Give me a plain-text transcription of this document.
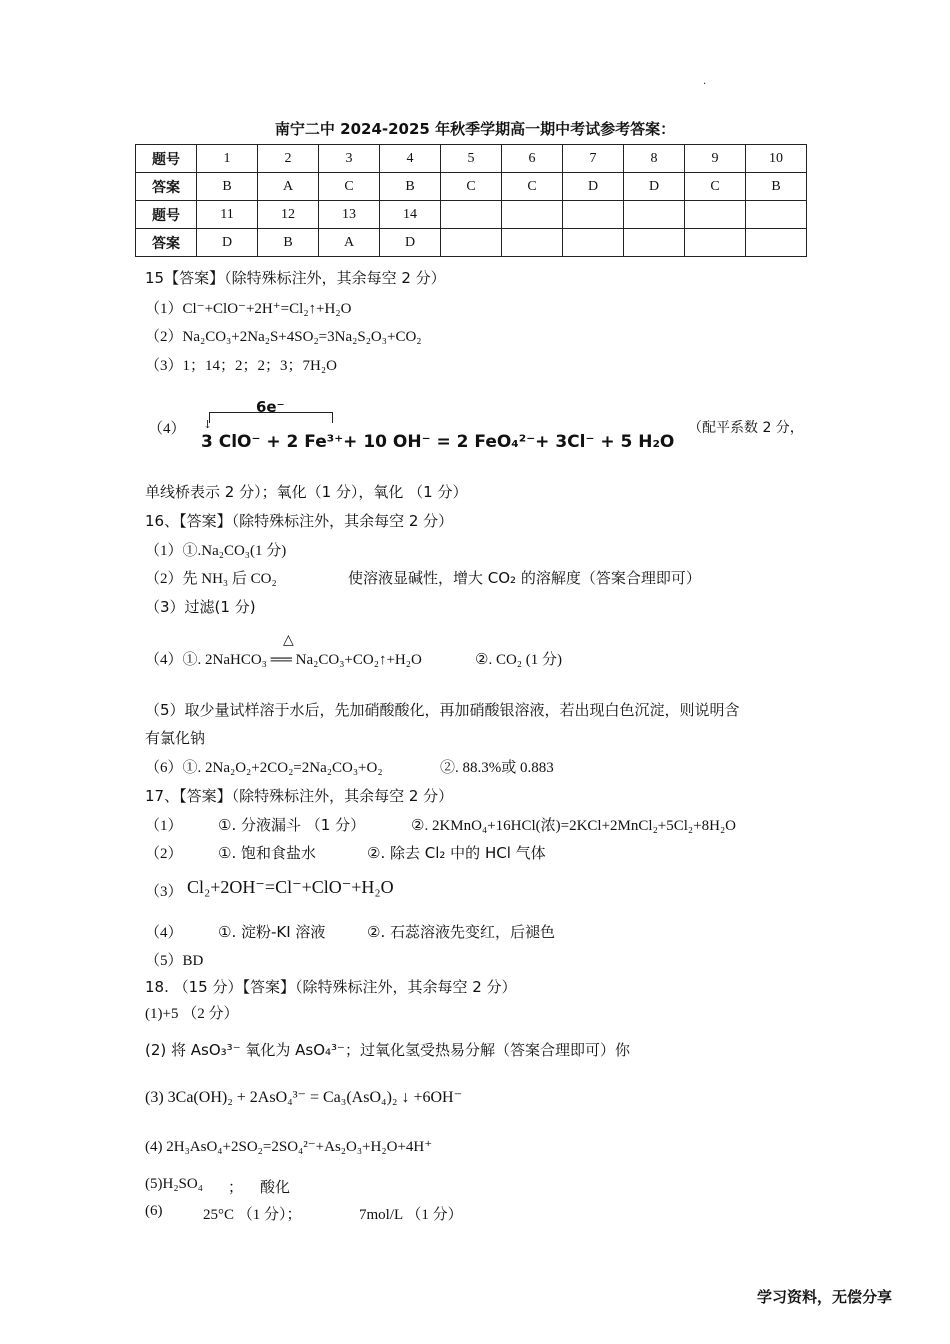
.
南宁二中 2024-2025 年秋季学期高一期中考试参考答案：
题号	1	2	3	4	5	6	7	8	9	10
答案	B	A	C	B	C	C	D	D	C	B
题号	11	12	13	14						
答案	D	B	A	D						
15【答案】（除特殊标注外，其余每空 2 分）
（1）Cl⁻+ClO⁻+2H⁺=Cl₂↑+H₂O
（2）Na₂CO₃+2Na₂S+4SO₂=3Na₂S₂O₃+CO₂
（3）1；14；2；2；3；7H₂O
（4）
6e⁻
↓
3 ClO⁻ + 2 Fe³⁺+ 10 OH⁻ = 2 FeO₄²⁻+ 3Cl⁻ + 5 H₂O
（配平系数 2 分，
单线桥表示 2 分）；氧化（1 分），氧化 （1 分）
16、【答案】（除特殊标注外，其余每空 2 分）
（1）①.Na₂CO₃(1 分)
（2）先 NH₃ 后 CO₂	使溶液显碱性，增大 CO₂ 的溶解度（答案合理即可）
（3）过滤(1 分)
△
（4）①. 2NaHCO₃ ══ Na₂CO₃+CO₂↑+H₂O	②. CO₂ (1 分)
（5）取少量试样溶于水后，先加硝酸酸化，再加硝酸银溶液，若出现白色沉淀，则说明含
有氯化钠
（6）①. 2Na₂O₂+2CO₂=2Na₂CO₃+O₂	②. 88.3%或 0.883
17、【答案】（除特殊标注外，其余每空 2 分）
（1） ①. 分液漏斗 （1 分）	②. 2KMnO₄+16HCl(浓)=2KCl+2MnCl₂+5Cl₂+8H₂O
（2） ①. 饱和食盐水	②. 除去 Cl₂ 中的 HCl 气体
（3） Cl₂+2OH⁻=Cl⁻+ClO⁻+H₂O
（4） ①. 淀粉-KI 溶液	②. 石蕊溶液先变红，后褪色
（5）BD
18. （15 分）【答案】（除特殊标注外，其余每空 2 分）
(1)+5 （2 分）
(2) 将 AsO₃³⁻ 氧化为 AsO₄³⁻；过氧化氢受热易分解（答案合理即可）你
(3) 3Ca(OH)₂ + 2AsO₄³⁻ = Ca₃(AsO₄)₂ ↓ +6OH⁻
(4) 2H₃AsO₄+2SO₂=2SO₄²⁻+As₂O₃+H₂O+4H⁺
(5)H₂SO₄ ； 酸化
(6)	25°C （1 分）；	7mol/L （1 分）
学习资料，无偿分享
